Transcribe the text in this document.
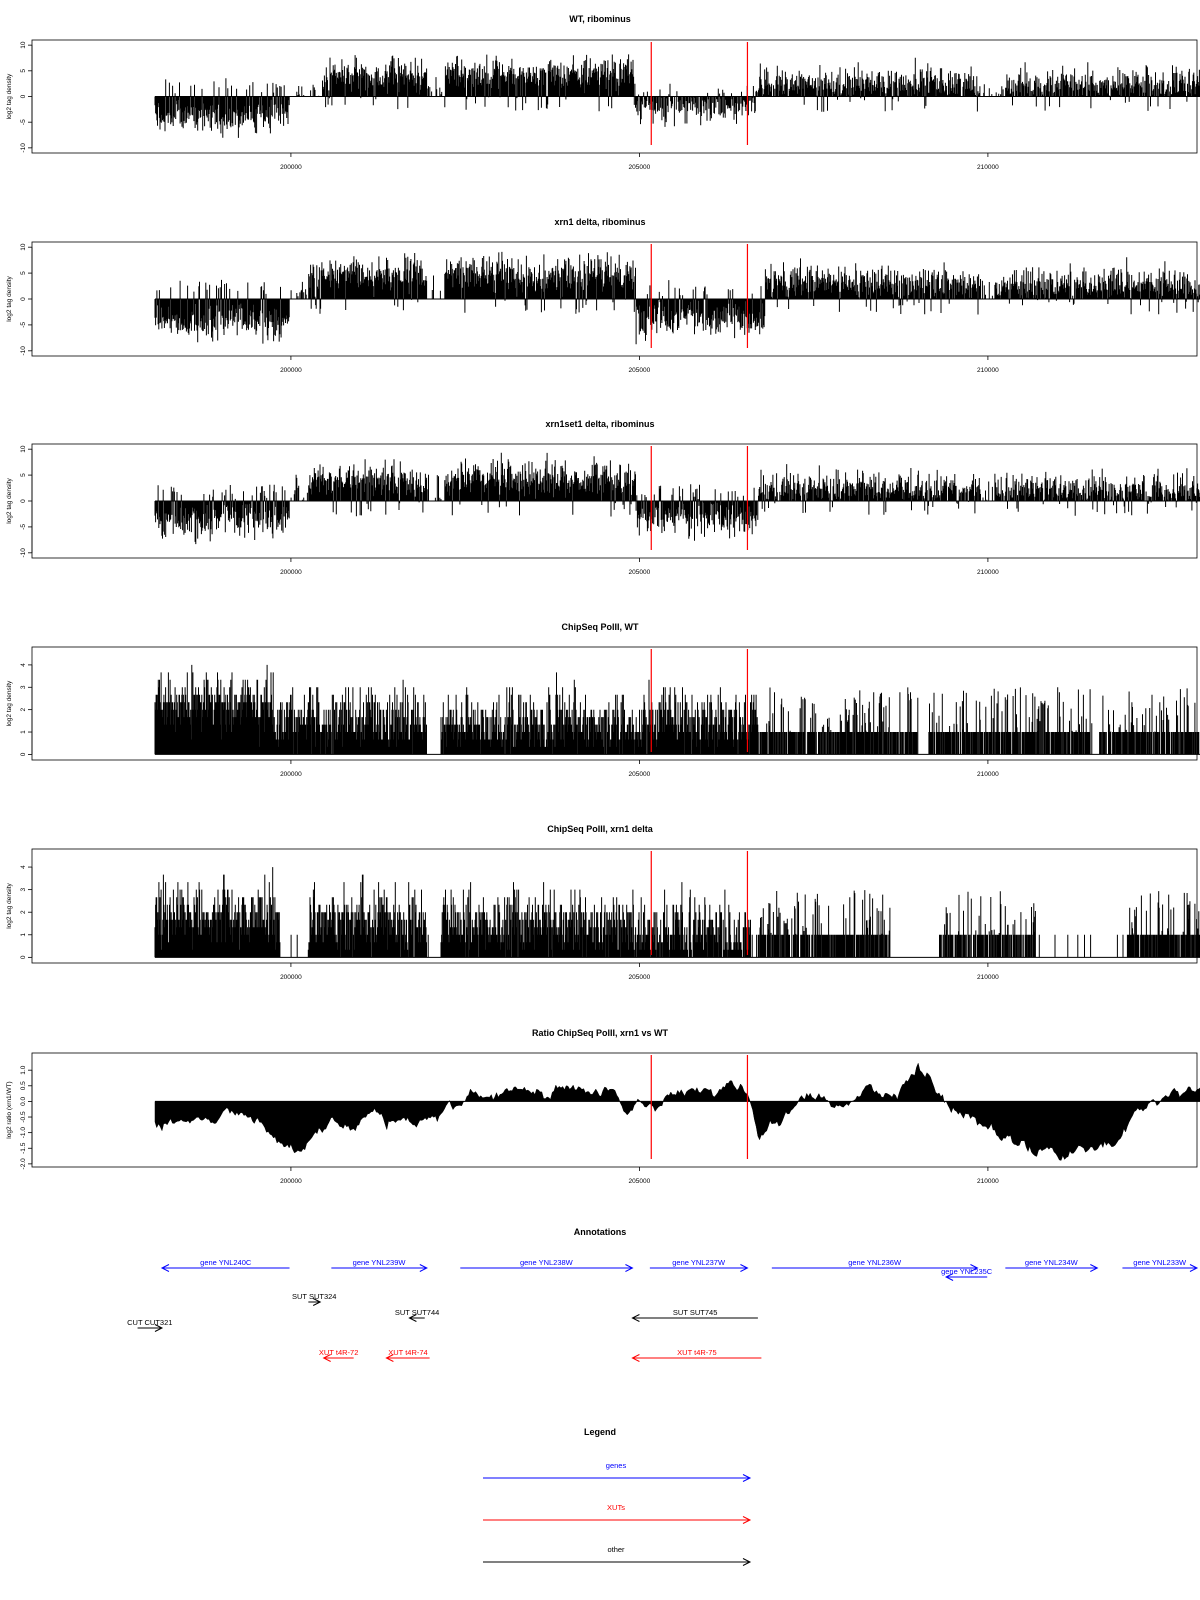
WT, ribominus
log2 tag density
-10
-5
0
5
10
xrn1 delta, ribominus
log2 tag density
-10
-5
0
5
10
xrn1set1 delta, ribominus
log2 tag density
-10
-5
0
5
10
ChipSeq PolII, WT
log2 tag density
0
1
2
3
4
ChipSeq PolII, xrn1 delta
log2 tag density
0
1
2
3
4
Ratio ChipSeq PolII, xrn1 vs WT
log2 ratio (xrn1/WT)
-2.0
-1.5
-1.0
-0.5
0.0
0.5
1.0
200000	205000	210000
200000	205000	210000
200000	205000	210000
200000	205000	210000
200000	205000	210000
200000	205000	210000
Annotations
gene YNL240C	gene YNL239W	gene YNL238W	gene YNL237W	gene YNL236W
gene YNL235C
gene YNL234W	gene YNL233W
SUT SUT324
SUT SUT744	SUT SUT745
CUT CUT321
XUT t4R-72	XUT t4R-74	XUT t4R-75
Legend
genes
XUTs
other
